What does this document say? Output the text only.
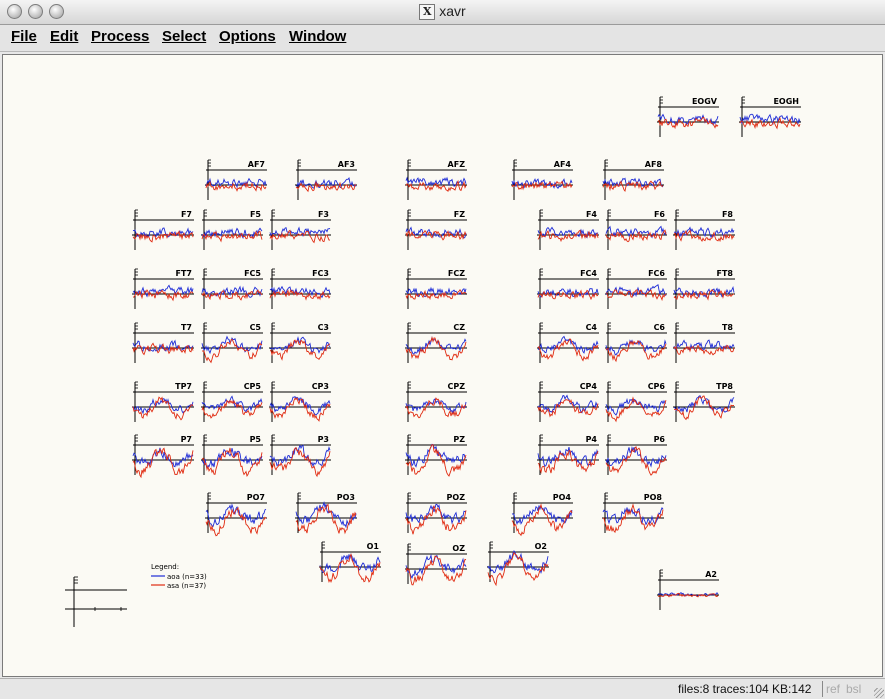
X xavr
File Edit Process Select Options Window
EOGV	EOGH
AF7	AF3	AFZ	AF4	AF8
F7	F5	F3	FZ	F4	F6	F8
FT7	FC5	FC3	FCZ	FC4	FC6	FT8
T7	C5	C3	CZ	C4	C6	T8
TP7	CP5	CP3	CPZ	CP4	CP6	TP8
P7	P5	P3	PZ	P4	P6
PO7	PO3	POZ	PO4	PO8
O1	OZ	O2
A2
Legend:
aoa (n=33)
asa (n=37)
files:8 traces:104 KB:142 ref bsl
